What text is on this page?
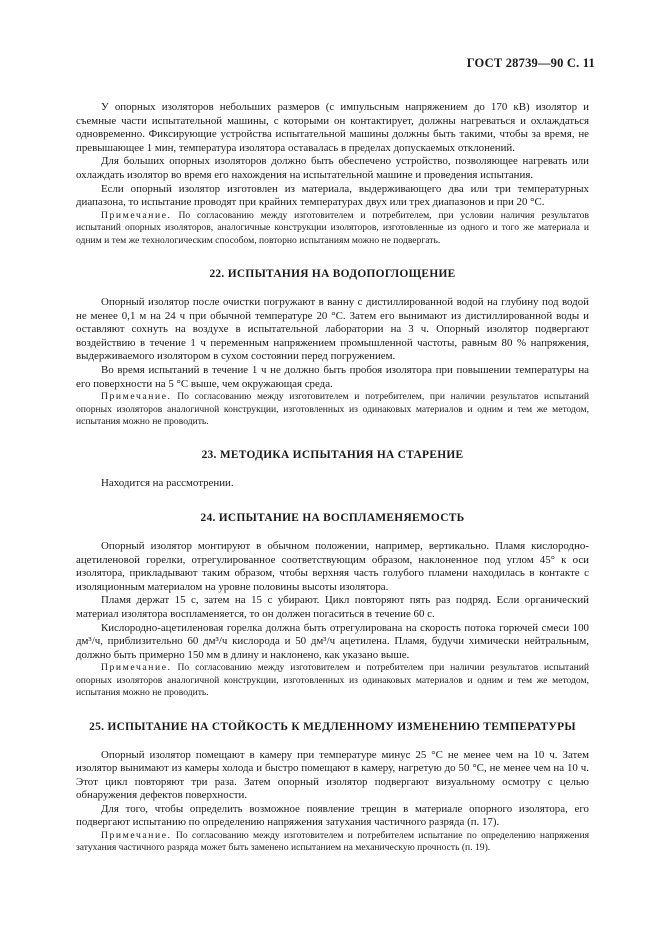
ГОСТ 28739—90 С. 11

У опорных изоляторов небольших размеров (с импульсным напряжением до 170 кВ) изолятор и съемные части испытательной машины, с которыми он контактирует, должны нагреваться и охлаждаться одновременно. Фиксирующие устройства испытательной машины должны быть такими, чтобы за время, не превышающее 1 мин, температура изолятора оставалась в пределах допускаемых отклонений.

Для больших опорных изоляторов должно быть обеспечено устройство, позволяющее нагревать или охлаждать изолятор во время его нахождения на испытательной машине и проведения испытания.

Если опорный изолятор изготовлен из материала, выдерживающего два или три температурных диапазона, то испытание проводят при крайних температурах двух или трех диапазонов и при 20 °С.

Примечание. По согласованию между изготовителем и потребителем, при условии наличия результатов испытаний опорных изоляторов, аналогичные конструкции изоляторов, изготовленные из одного и того же материала и одним и тем же технологическим способом, повторно испытаниям можно не подвергать.

22. ИСПЫТАНИЯ НА ВОДОПОГЛОЩЕНИЕ

Опорный изолятор после очистки погружают в ванну с дистиллированной водой на глубину под водой не менее 0,1 м на 24 ч при обычной температуре 20 °С. Затем его вынимают из дистиллированной воды и оставляют сохнуть на воздухе в испытательной лаборатории на 3 ч. Опорный изолятор подвергают воздействию в течение 1 ч переменным напряжением промышленной частоты, равным 80 % напряжения, выдерживаемого изолятором в сухом состоянии перед погружением.

Во время испытаний в течение 1 ч не должно быть пробоя изолятора при повышении температуры на его поверхности на 5 °С выше, чем окружающая среда.

Примечание. По согласованию между изготовителем и потребителем, при наличии результатов испытаний опорных изоляторов аналогичной конструкции, изготовленных из одинаковых материалов и одним и тем же методом, испытания можно не проводить.

23. МЕТОДИКА ИСПЫТАНИЯ НА СТАРЕНИЕ

Находится на рассмотрении.

24. ИСПЫТАНИЕ НА ВОСПЛАМЕНЯЕМОСТЬ

Опорный изолятор монтируют в обычном положении, например, вертикально. Пламя кислородно-ацетиленовой горелки, отрегулированное соответствующим образом, наклоненное под углом 45° к оси изолятора, прикладывают таким образом, чтобы верхняя часть голубого пламени находилась в контакте с изоляционным материалом на уровне половины высоты изолятора.

Пламя держат 15 с, затем на 15 с убирают. Цикл повторяют пять раз подряд. Если органический материал изолятора воспламеняется, то он должен погаситься в течение 60 с.

Кислородно-ацетиленовая горелка должна быть отрегулирована на скорость потока горючей смеси 100 дм³/ч, приблизительно 60 дм³/ч кислорода и 50 дм³/ч ацетилена. Пламя, будучи химически нейтральным, должно быть примерно 150 мм в длину и наклонено, как указано выше.

Примечание. По согласованию между изготовителем и потребителем при наличии результатов испытаний опорных изоляторов аналогичной конструкции, изготовленных из одинаковых материалов и одним и тем же методом, испытания можно не проводить.

25. ИСПЫТАНИЕ НА СТОЙКОСТЬ К МЕДЛЕННОМУ ИЗМЕНЕНИЮ ТЕМПЕРАТУРЫ

Опорный изолятор помещают в камеру при температуре минус 25 °С не менее чем на 10 ч. Затем изолятор вынимают из камеры холода и быстро помещают в камеру, нагретую до 50 °С, не менее чем на 10 ч. Этот цикл повторяют три раза. Затем опорный изолятор подвергают визуальному осмотру с целью обнаружения дефектов поверхности.

Для того, чтобы определить возможное появление трещин в материале опорного изолятора, его подвергают испытанию по определению напряжения затухания частичного разряда (п. 17).

Примечание. По согласованию между изготовителем и потребителем испытание по определению напряжения затухания частичного разряда может быть заменено испытанием на механическую прочность (п. 19).
